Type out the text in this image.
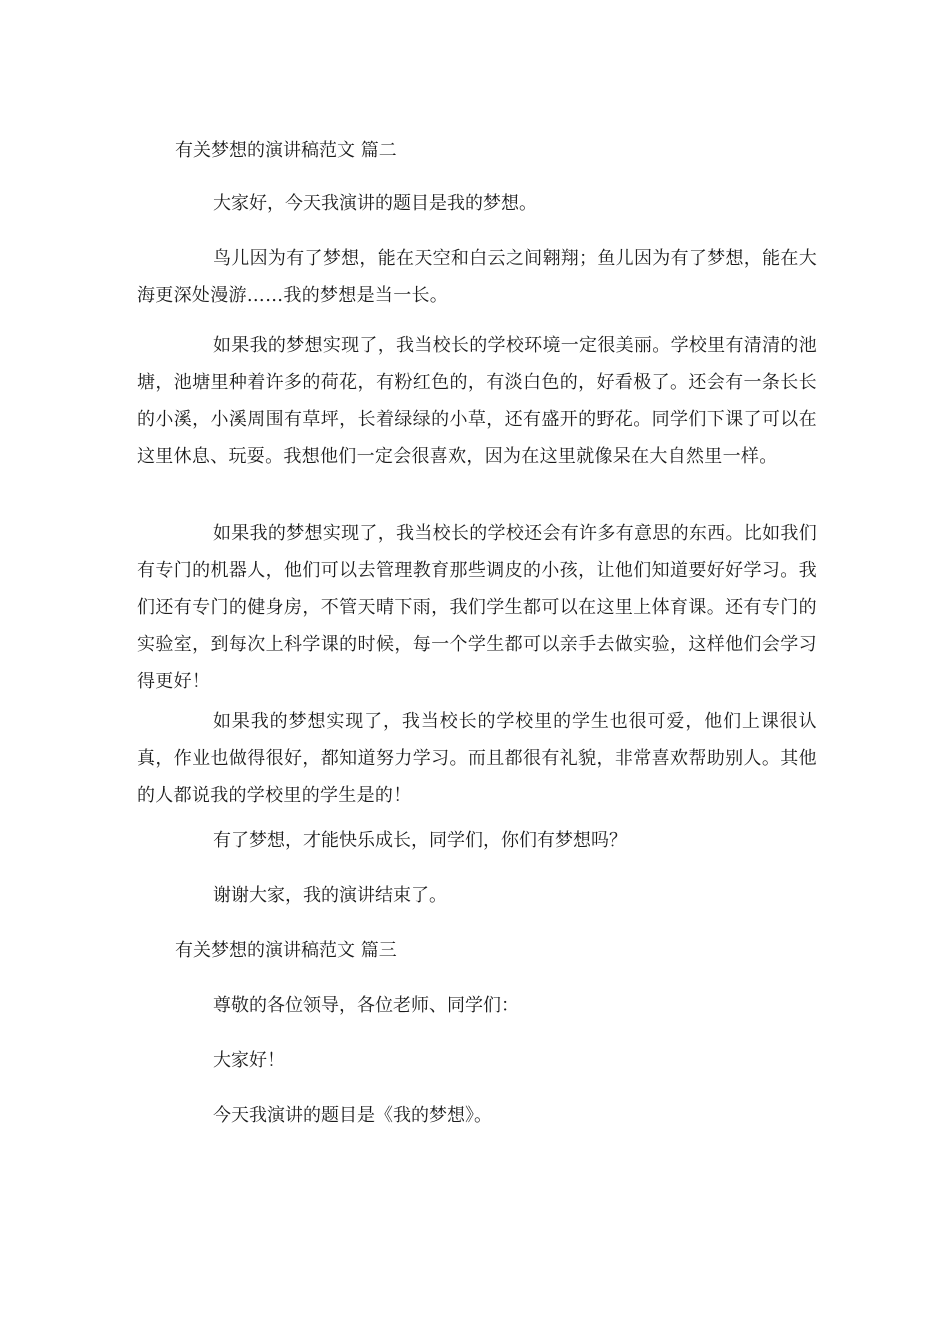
有关梦想的演讲稿范文 篇二
大家好，今天我演讲的题目是我的梦想。
鸟儿因为有了梦想，能在天空和白云之间翱翔；鱼儿因为有了梦想，能在大海更深处漫游……我的梦想是当一长。
如果我的梦想实现了，我当校长的学校环境一定很美丽。学校里有清清的池塘，池塘里种着许多的荷花，有粉红色的，有淡白色的，好看极了。还会有一条长长的小溪，小溪周围有草坪，长着绿绿的小草，还有盛开的野花。同学们下课了可以在这里休息、玩耍。我想他们一定会很喜欢，因为在这里就像呆在大自然里一样。
如果我的梦想实现了，我当校长的学校还会有许多有意思的东西。比如我们有专门的机器人，他们可以去管理教育那些调皮的小孩，让他们知道要好好学习。我们还有专门的健身房，不管天晴下雨，我们学生都可以在这里上体育课。还有专门的实验室，到每次上科学课的时候，每一个学生都可以亲手去做实验，这样他们会学习得更好！
如果我的梦想实现了，我当校长的学校里的学生也很可爱，他们上课很认真，作业也做得很好，都知道努力学习。而且都很有礼貌，非常喜欢帮助别人。其他的人都说我的学校里的学生是的！
有了梦想，才能快乐成长，同学们，你们有梦想吗？
谢谢大家，我的演讲结束了。
有关梦想的演讲稿范文 篇三
尊敬的各位领导，各位老师、同学们：
大家好！
今天我演讲的题目是《我的梦想》。
